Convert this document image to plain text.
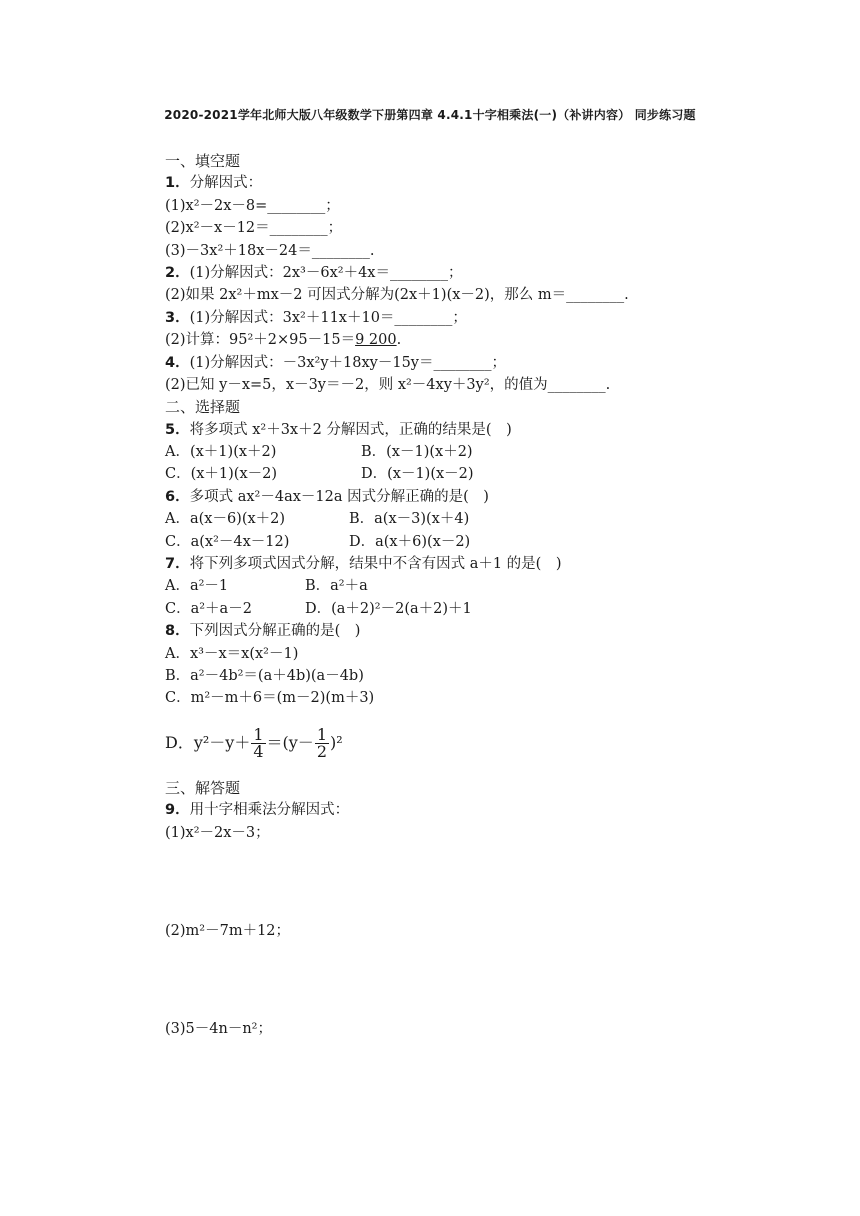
2020-2021学年北师大版八年级数学下册第四章 4.4.1十字相乘法(一)（补讲内容） 同步练习题
一、填空题
1．分解因式：
(1)x²－2x－8=________；
(2)x²－x－12＝________；
(3)－3x²＋18x－24＝________.
2．(1)分解因式：2x³－6x²＋4x＝________；
(2)如果 2x²＋mx－2 可因式分解为(2x＋1)(x－2)，那么 m＝________.
3．(1)分解因式：3x²＋11x＋10＝________；
(2)计算：95²＋2×95－15＝9 200.
4．(1)分解因式：－3x²y＋18xy－15y＝________；
(2)已知 y－x=5，x－3y＝－2，则 x²－4xy＋3y²，的值为________.
二、选择题
5．将多项式 x²＋3x＋2 分解因式，正确的结果是(　)
A．(x＋1)(x＋2)	B．(x－1)(x＋2)
C．(x＋1)(x－2)	D．(x－1)(x－2)
6．多项式 ax²－4ax－12a 因式分解正确的是(　)
A．a(x－6)(x＋2)	B．a(x－3)(x＋4)
C．a(x²－4x－12)	D．a(x＋6)(x－2)
7．将下列多项式因式分解，结果中不含有因式 a＋1 的是(　)
A．a²－1	B．a²＋a
C．a²＋a－2	D．(a＋2)²－2(a＋2)＋1
8．下列因式分解正确的是(　)
A．x³－x＝x(x²－1)
B．a²－4b²＝(a＋4b)(a－4b)
C．m²－m＋6＝(m－2)(m＋3)
D．$y^2-y+ \frac{1}{4} =(y- \frac{1}{2} )^2$
三、解答题
9．用十字相乘法分解因式：
(1)x²－2x－3；
(2)m²－7m＋12；
(3)5－4n－n²；
